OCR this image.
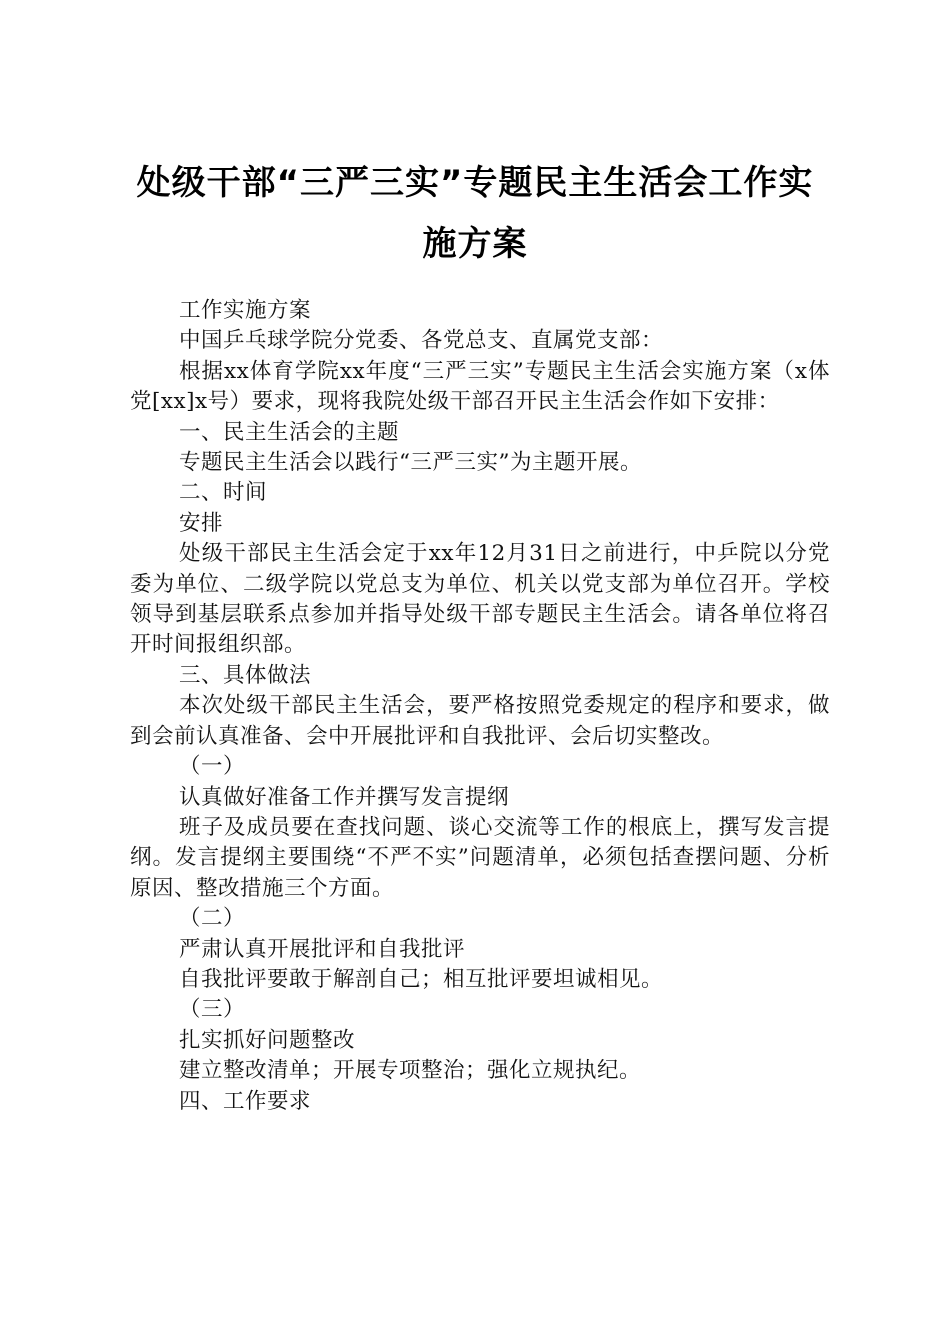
处级干部“三严三实”专题民主生活会工作实
施方案

工作实施方案

中国乒乓球学院分党委、各党总支、直属党支部：

根据xx体育学院xx年度“三严三实”专题民主生活会实施方案（x体党[xx]x号）要求，现将我院处级干部召开民主生活会作如下安排：

一、民主生活会的主题

专题民主生活会以践行“三严三实”为主题开展。

二、时间

安排

处级干部民主生活会定于xx年12月31日之前进行，中乒院以分党委为单位、二级学院以党总支为单位、机关以党支部为单位召开。学校领导到基层联系点参加并指导处级干部专题民主生活会。请各单位将召开时间报组织部。

三、具体做法

本次处级干部民主生活会，要严格按照党委规定的程序和要求，做到会前认真准备、会中开展批评和自我批评、会后切实整改。

（一）

认真做好准备工作并撰写发言提纲

班子及成员要在查找问题、谈心交流等工作的根底上，撰写发言提纲。发言提纲主要围绕“不严不实”问题清单，必须包括查摆问题、分析原因、整改措施三个方面。

（二）

严肃认真开展批评和自我批评

自我批评要敢于解剖自己；相互批评要坦诚相见。

（三）

扎实抓好问题整改

建立整改清单；开展专项整治；强化立规执纪。

四、工作要求
